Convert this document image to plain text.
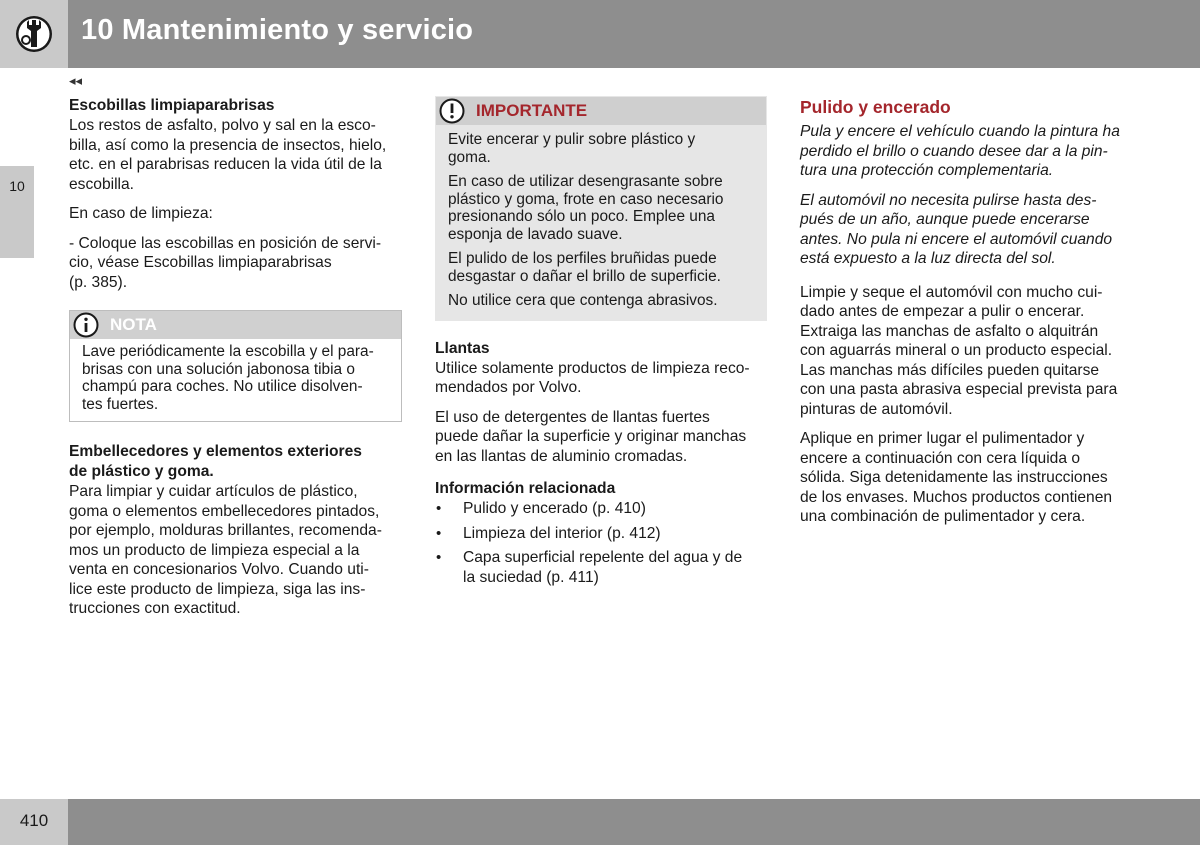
10 Mantenimiento y servicio
◂◂
10
Escobillas limpiaparabrisas

Los restos de asfalto, polvo y sal en la esco-
billa, así como la presencia de insectos, hielo,
etc. en el parabrisas reducen la vida útil de la
escobilla.

En caso de limpieza:

- Coloque las escobillas en posición de servi-
cio, véase Escobillas limpiaparabrisas
(p. 385).

NOTA

Lave periódicamente la escobilla y el para-
brisas con una solución jabonosa tibia o
champú para coches. No utilice disolven-
tes fuertes.

Embellecedores y elementos exteriores
de plástico y goma.

Para limpiar y cuidar artículos de plástico,
goma o elementos embellecedores pintados,
por ejemplo, molduras brillantes, recomenda-
mos un producto de limpieza especial a la
venta en concesionarios Volvo. Cuando uti-
lice este producto de limpieza, siga las ins-
trucciones con exactitud.

IMPORTANTE

Evite encerar y pulir sobre plástico y
goma.

En caso de utilizar desengrasante sobre
plástico y goma, frote en caso necesario
presionando sólo un poco. Emplee una
esponja de lavado suave.

El pulido de los perfiles bruñidas puede
desgastar o dañar el brillo de superficie.

No utilice cera que contenga abrasivos.

Llantas

Utilice solamente productos de limpieza reco-
mendados por Volvo.

El uso de detergentes de llantas fuertes
puede dañar la superficie y originar manchas
en las llantas de aluminio cromadas.

Información relacionada
• Pulido y encerado (p. 410)
• Limpieza del interior (p. 412)
• Capa superficial repelente del agua y de
la suciedad (p. 411)
Pulido y encerado

Pula y encere el vehículo cuando la pintura ha
perdido el brillo o cuando desee dar a la pin-
tura una protección complementaria.

El automóvil no necesita pulirse hasta des-
pués de un año, aunque puede encerarse
antes. No pula ni encere el automóvil cuando
está expuesto a la luz directa del sol.

Limpie y seque el automóvil con mucho cui-
dado antes de empezar a pulir o encerar.
Extraiga las manchas de asfalto o alquitrán
con aguarrás mineral o un producto especial.
Las manchas más difíciles pueden quitarse
con una pasta abrasiva especial prevista para
pinturas de automóvil.

Aplique en primer lugar el pulimentador y
encere a continuación con cera líquida o
sólida. Siga detenidamente las instrucciones
de los envases. Muchos productos contienen
una combinación de pulimentador y cera.

410
